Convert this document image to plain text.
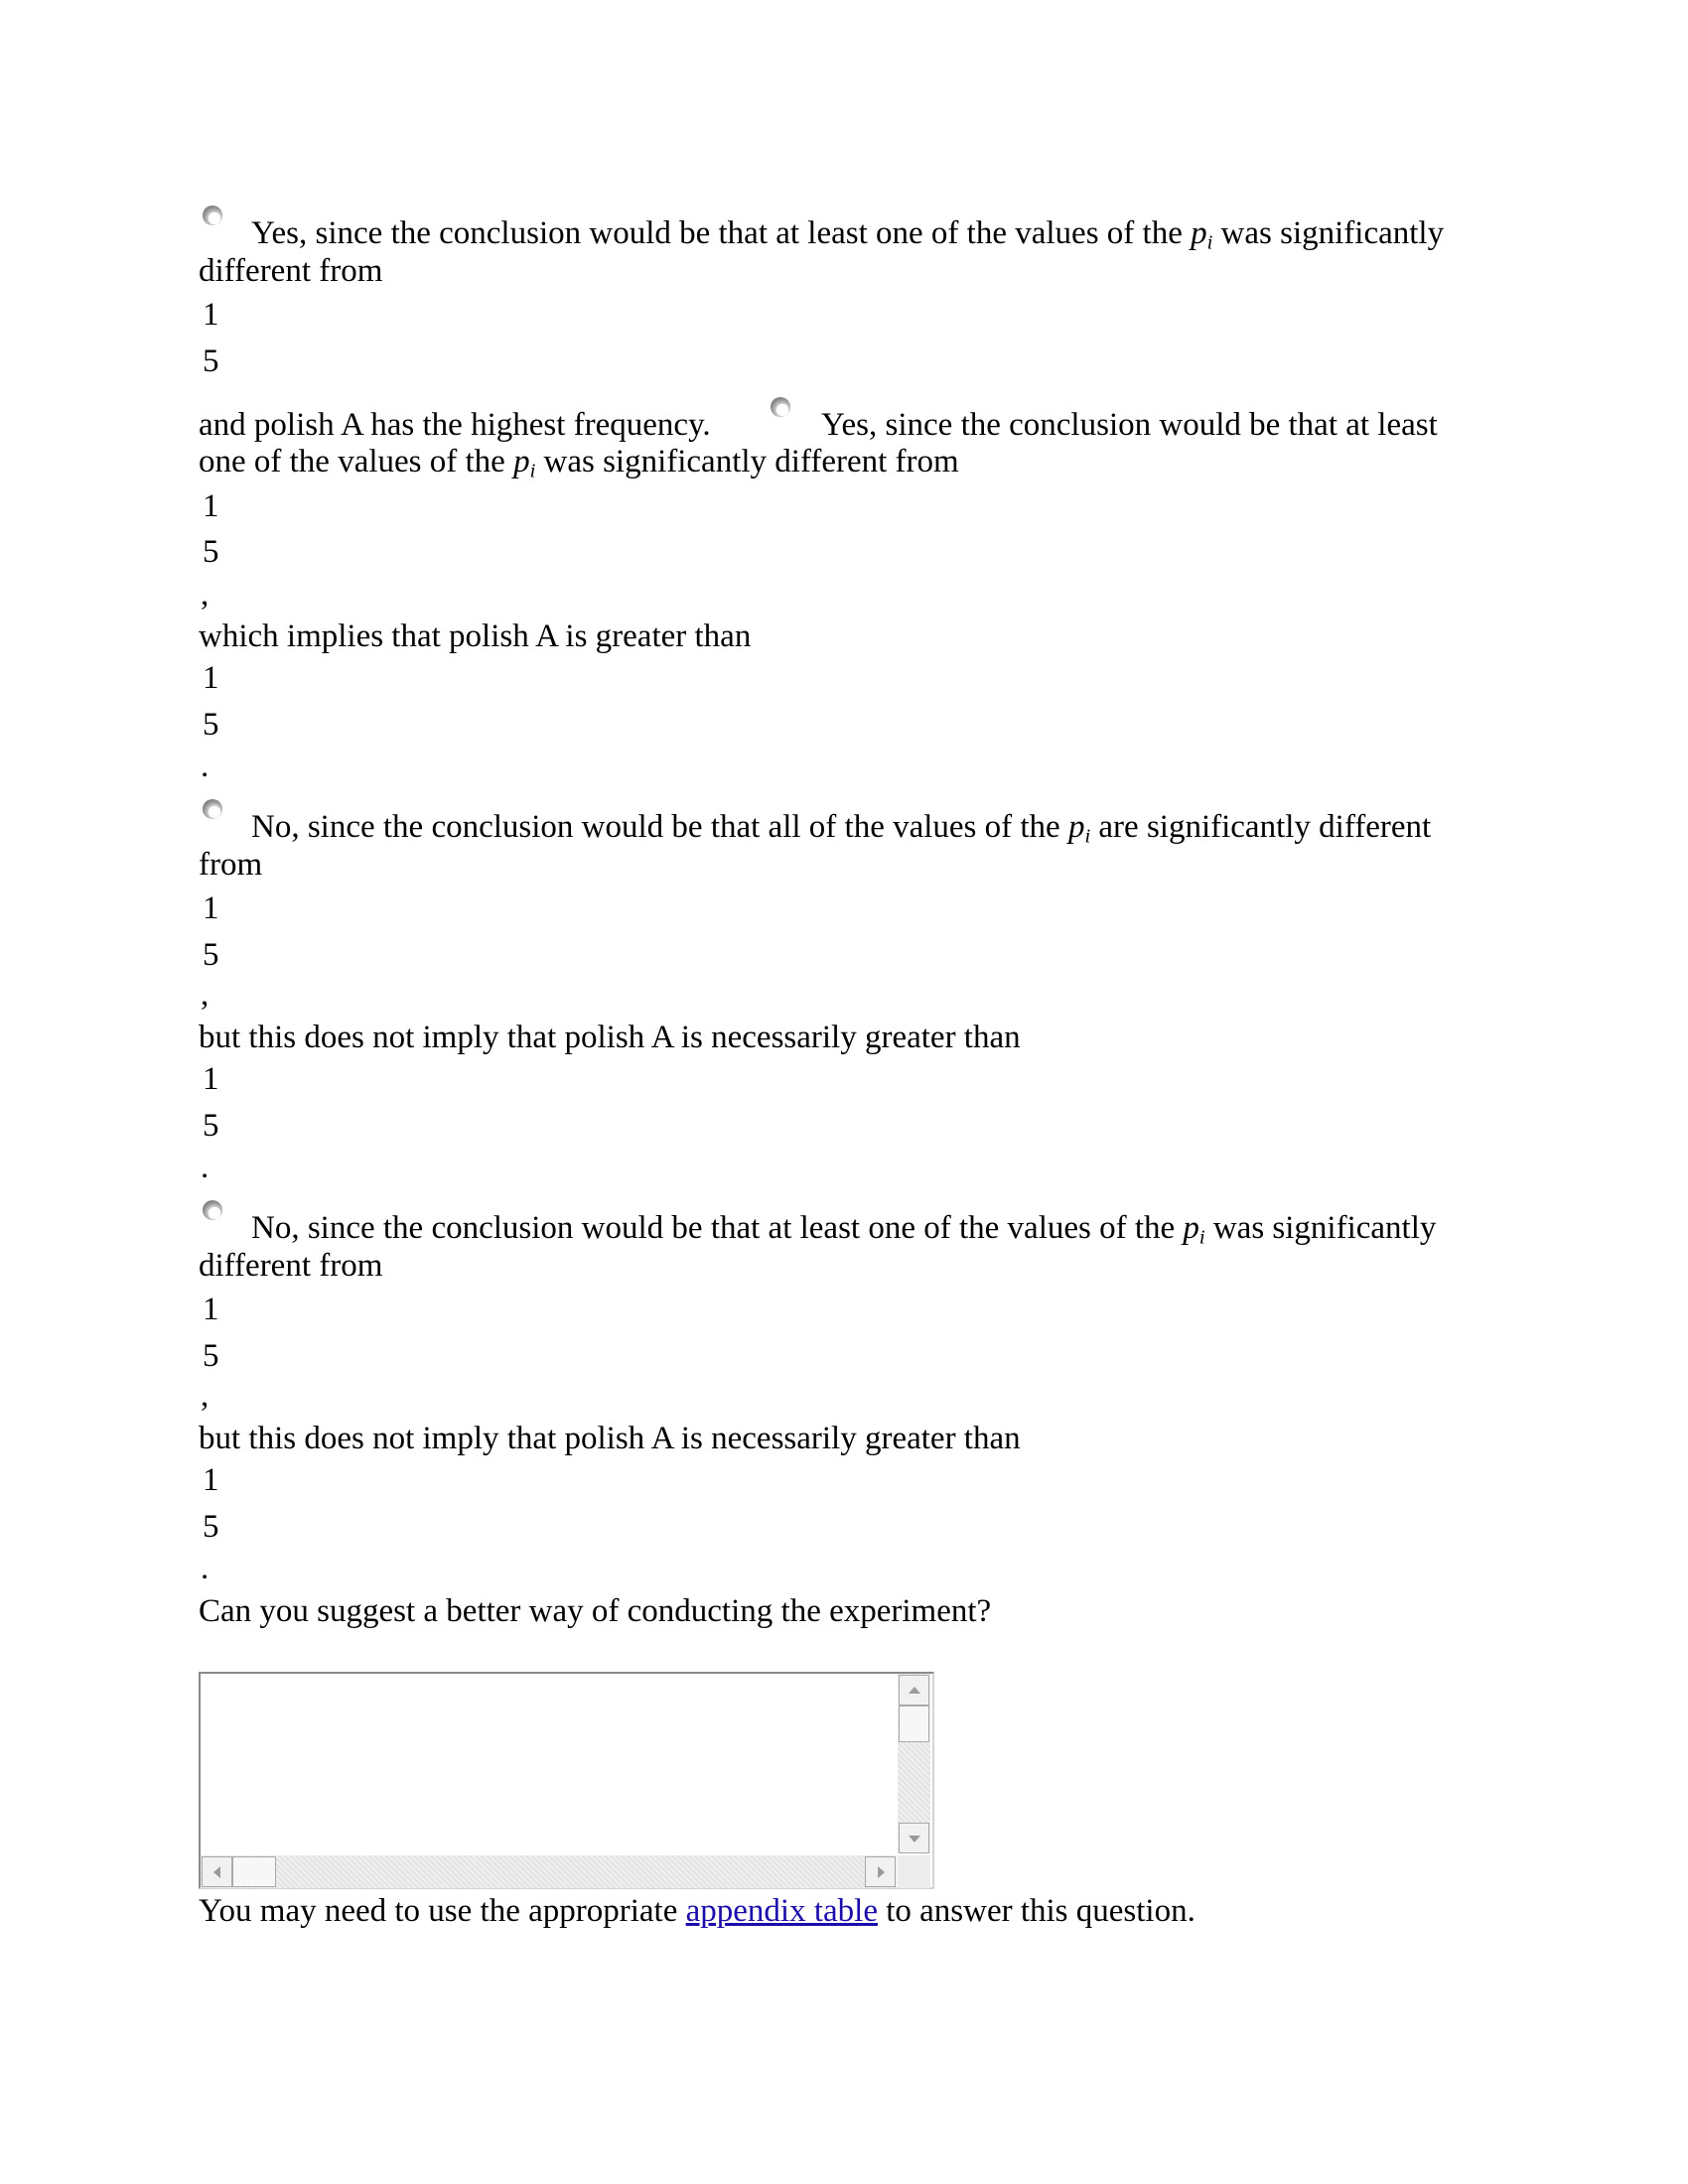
Yes, since the conclusion would be that at least one of the values of the $p_i$ was significantly

different from

1

5

and polish A has the highest frequency.	Yes, since the conclusion would be that at least

one of the values of the $p_i$ was significantly different from

1

5

,

which implies that polish A is greater than

1

5

.

No, since the conclusion would be that all of the values of the $p_i$ are significantly different

from

1

5

,

but this does not imply that polish A is necessarily greater than

1

5

.

No, since the conclusion would be that at least one of the values of the $p_i$ was significantly

different from

1

5

,

but this does not imply that polish A is necessarily greater than

1

5

.

Can you suggest a better way of conducting the experiment?

You may need to use the appropriate appendix table to answer this question.
